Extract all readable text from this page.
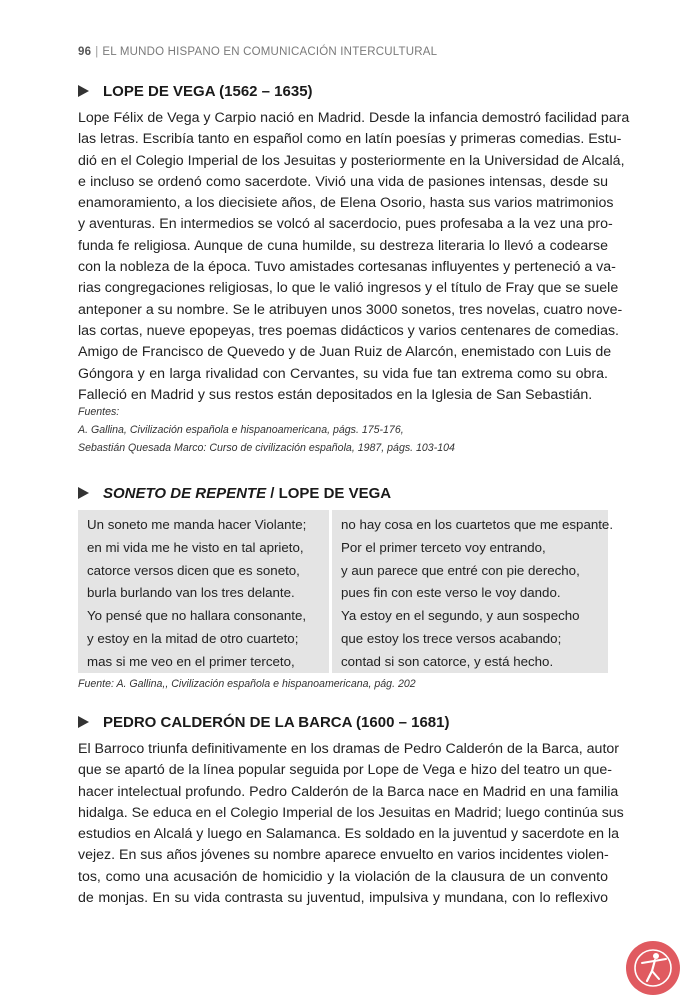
96 | EL MUNDO HISPANO EN COMUNICACIÓN INTERCULTURAL
LOPE DE VEGA (1562 – 1635)
Lope Félix de Vega y Carpio nació en Madrid. Desde la infancia demostró facilidad para
las letras. Escribía tanto en español como en latín poesías y primeras comedias. Estu-
dió en el Colegio Imperial de los Jesuitas y posteriormente en la Universidad de Alcalá,
e incluso se ordenó como sacerdote. Vivió una vida de pasiones intensas, desde su
enamoramiento, a los diecisiete años, de Elena Osorio, hasta sus varios matrimonios
y aventuras. En intermedios se volcó al sacerdocio, pues profesaba a la vez una pro-
funda fe religiosa. Aunque de cuna humilde, su destreza literaria lo llevó a codearse
con la nobleza de la época. Tuvo amistades cortesanas influyentes y perteneció a va-
rias congregaciones religiosas, lo que le valió ingresos y el título de Fray que se suele
anteponer a su nombre. Se le atribuyen unos 3000 sonetos, tres novelas, cuatro nove-
las cortas, nueve epopeyas, tres poemas didácticos y varios centenares de comedias.
Amigo de Francisco de Quevedo y de Juan Ruiz de Alarcón, enemistado con Luis de
Góngora y en larga rivalidad con Cervantes, su vida fue tan extrema como su obra.
Falleció en Madrid y sus restos están depositados en la Iglesia de San Sebastián.
Fuentes:
A. Gallina, Civilización española e hispanoamericana, págs. 175-176,
Sebastián Quesada Marco: Curso de civilización española, 1987, págs. 103-104
SONETO DE REPENTE / LOPE DE VEGA
Un soneto me manda hacer Violante;
en mi vida me he visto en tal aprieto,
catorce versos dicen que es soneto,
burla burlando van los tres delante.
Yo pensé que no hallara consonante,
y estoy en la mitad de otro cuarteto;
mas si me veo en el primer terceto,
no hay cosa en los cuartetos que me espante.
Por el primer terceto voy entrando,
y aun parece que entré con pie derecho,
pues fin con este verso le voy dando.
Ya estoy en el segundo, y aun sospecho
que estoy los trece versos acabando;
contad si son catorce, y está hecho.
Fuente: A. Gallina,, Civilización española e hispanoamericana, pág. 202
PEDRO CALDERÓN DE LA BARCA (1600 – 1681)
El Barroco triunfa definitivamente en los dramas de Pedro Calderón de la Barca, autor
que se apartó de la línea popular seguida por Lope de Vega e hizo del teatro un que-
hacer intelectual profundo. Pedro Calderón de la Barca nace en Madrid en una familia
hidalga. Se educa en el Colegio Imperial de los Jesuitas en Madrid; luego continúa sus
estudios en Alcalá y luego en Salamanca. Es soldado en la juventud y sacerdote en la
vejez. En sus años jóvenes su nombre aparece envuelto en varios incidentes violen-
tos, como una acusación de homicidio y la violación de la clausura de un convento
de monjas. En su vida contrasta su juventud, impulsiva y mundana, con lo reflexivo
